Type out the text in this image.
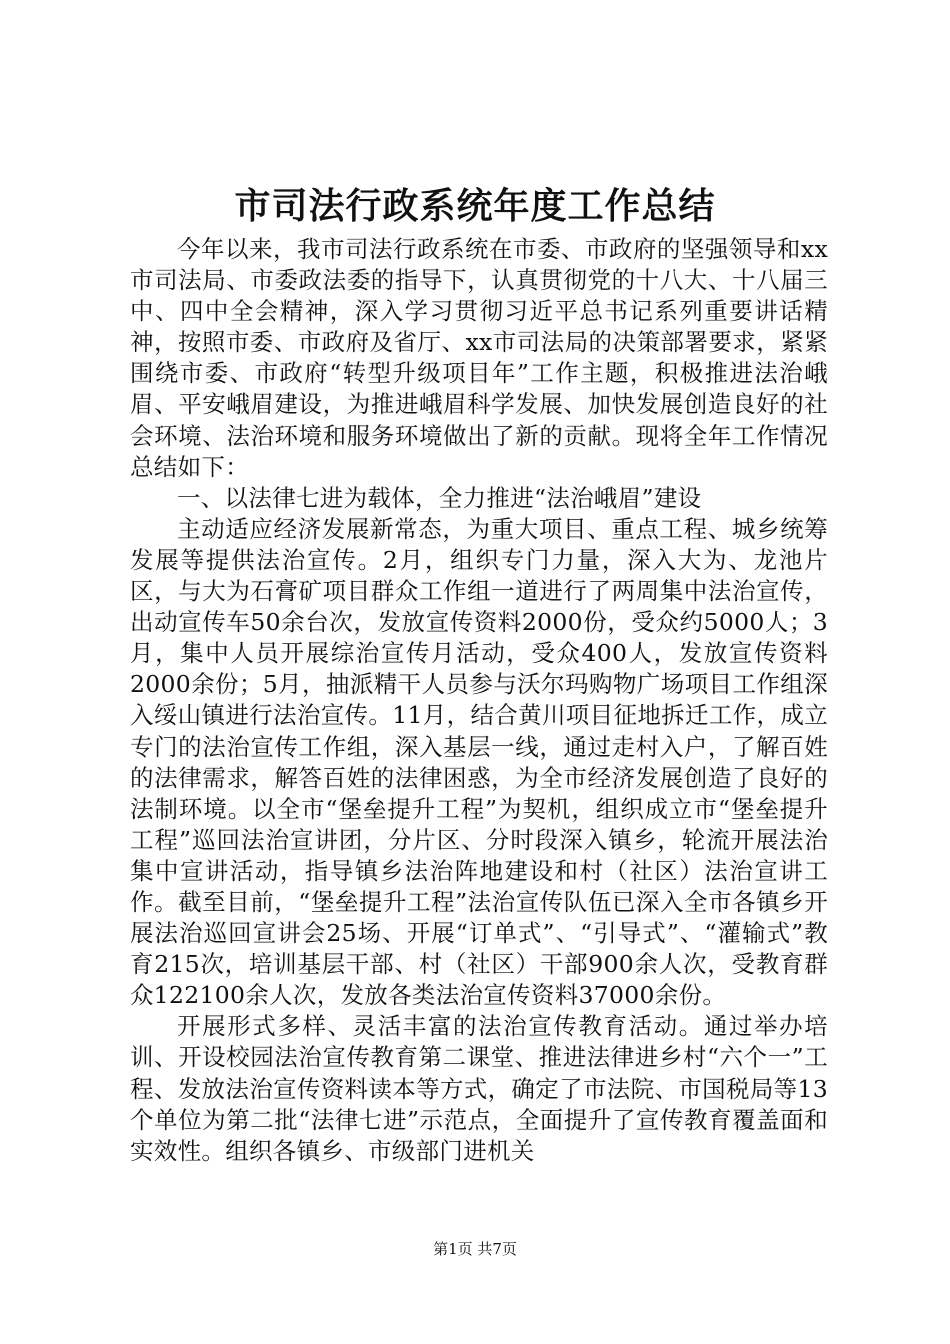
市司法行政系统年度工作总结

今年以来，我市司法行政系统在市委、市政府的坚强领导和xx市司法局、市委政法委的指导下，认真贯彻党的十八大、十八届三中、四中全会精神，深入学习贯彻习近平总书记系列重要讲话精神，按照市委、市政府及省厅、xx市司法局的决策部署要求，紧紧围绕市委、市政府“转型升级项目年”工作主题，积极推进法治峨眉、平安峨眉建设，为推进峨眉科学发展、加快发展创造良好的社会环境、法治环境和服务环境做出了新的贡献。现将全年工作情况总结如下：

一、以法律七进为载体，全力推进“法治峨眉”建设

主动适应经济发展新常态，为重大项目、重点工程、城乡统筹发展等提供法治宣传。2月，组织专门力量，深入大为、龙池片区，与大为石膏矿项目群众工作组一道进行了两周集中法治宣传，出动宣传车50余台次，发放宣传资料2000份，受众约5000人；3月，集中人员开展综治宣传月活动，受众400人，发放宣传资料2000余份；5月，抽派精干人员参与沃尔玛购物广场项目工作组深入绥山镇进行法治宣传。11月，结合黄川项目征地拆迁工作，成立专门的法治宣传工作组，深入基层一线，通过走村入户，了解百姓的法律需求，解答百姓的法律困惑，为全市经济发展创造了良好的法制环境。以全市“堡垒提升工程”为契机，组织成立市“堡垒提升工程”巡回法治宣讲团，分片区、分时段深入镇乡，轮流开展法治集中宣讲活动，指导镇乡法治阵地建设和村（社区）法治宣讲工作。截至目前，“堡垒提升工程”法治宣传队伍已深入全市各镇乡开展法治巡回宣讲会25场、开展“订单式”、“引导式”、“灌输式”教育215次，培训基层干部、村（社区）干部900余人次，受教育群众122100余人次，发放各类法治宣传资料37000余份。

开展形式多样、灵活丰富的法治宣传教育活动。通过举办培训、开设校园法治宣传教育第二课堂、推进法律进乡村“六个一”工程、发放法治宣传资料读本等方式，确定了市法院、市国税局等13个单位为第二批“法律七进”示范点，全面提升了宣传教育覆盖面和实效性。组织各镇乡、市级部门进机关

第1页 共7页
